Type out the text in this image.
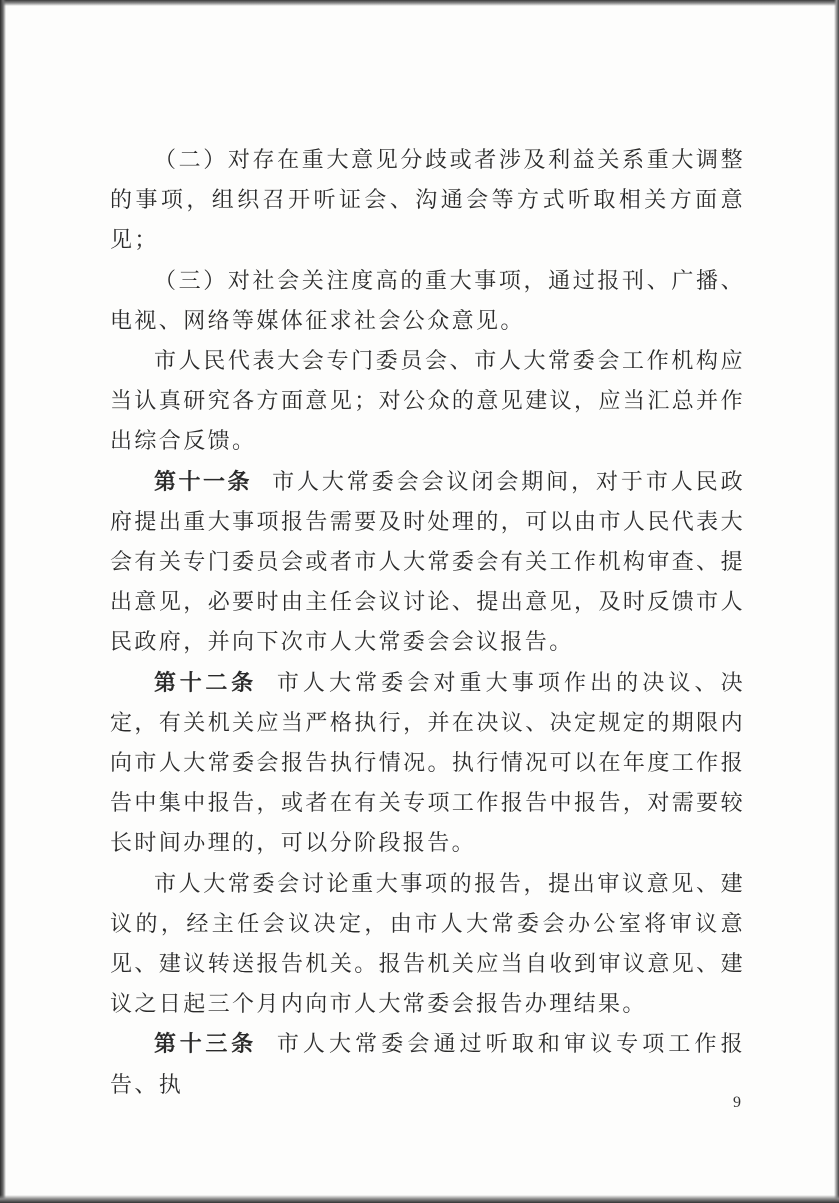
（二）对存在重大意见分歧或者涉及利益关系重大调整的事项，组织召开听证会、沟通会等方式听取相关方面意见；

（三）对社会关注度高的重大事项，通过报刊、广播、电视、网络等媒体征求社会公众意见。

市人民代表大会专门委员会、市人大常委会工作机构应当认真研究各方面意见；对公众的意见建议，应当汇总并作出综合反馈。

第十一条 市人大常委会会议闭会期间，对于市人民政府提出重大事项报告需要及时处理的，可以由市人民代表大会有关专门委员会或者市人大常委会有关工作机构审查、提出意见，必要时由主任会议讨论、提出意见，及时反馈市人民政府，并向下次市人大常委会会议报告。

第十二条 市人大常委会对重大事项作出的决议、决定，有关机关应当严格执行，并在决议、决定规定的期限内向市人大常委会报告执行情况。执行情况可以在年度工作报告中集中报告，或者在有关专项工作报告中报告，对需要较长时间办理的，可以分阶段报告。

市人大常委会讨论重大事项的报告，提出审议意见、建议的，经主任会议决定，由市人大常委会办公室将审议意见、建议转送报告机关。报告机关应当自收到审议意见、建议之日起三个月内向市人大常委会报告办理结果。

第十三条 市人大常委会通过听取和审议专项工作报告、执

9
